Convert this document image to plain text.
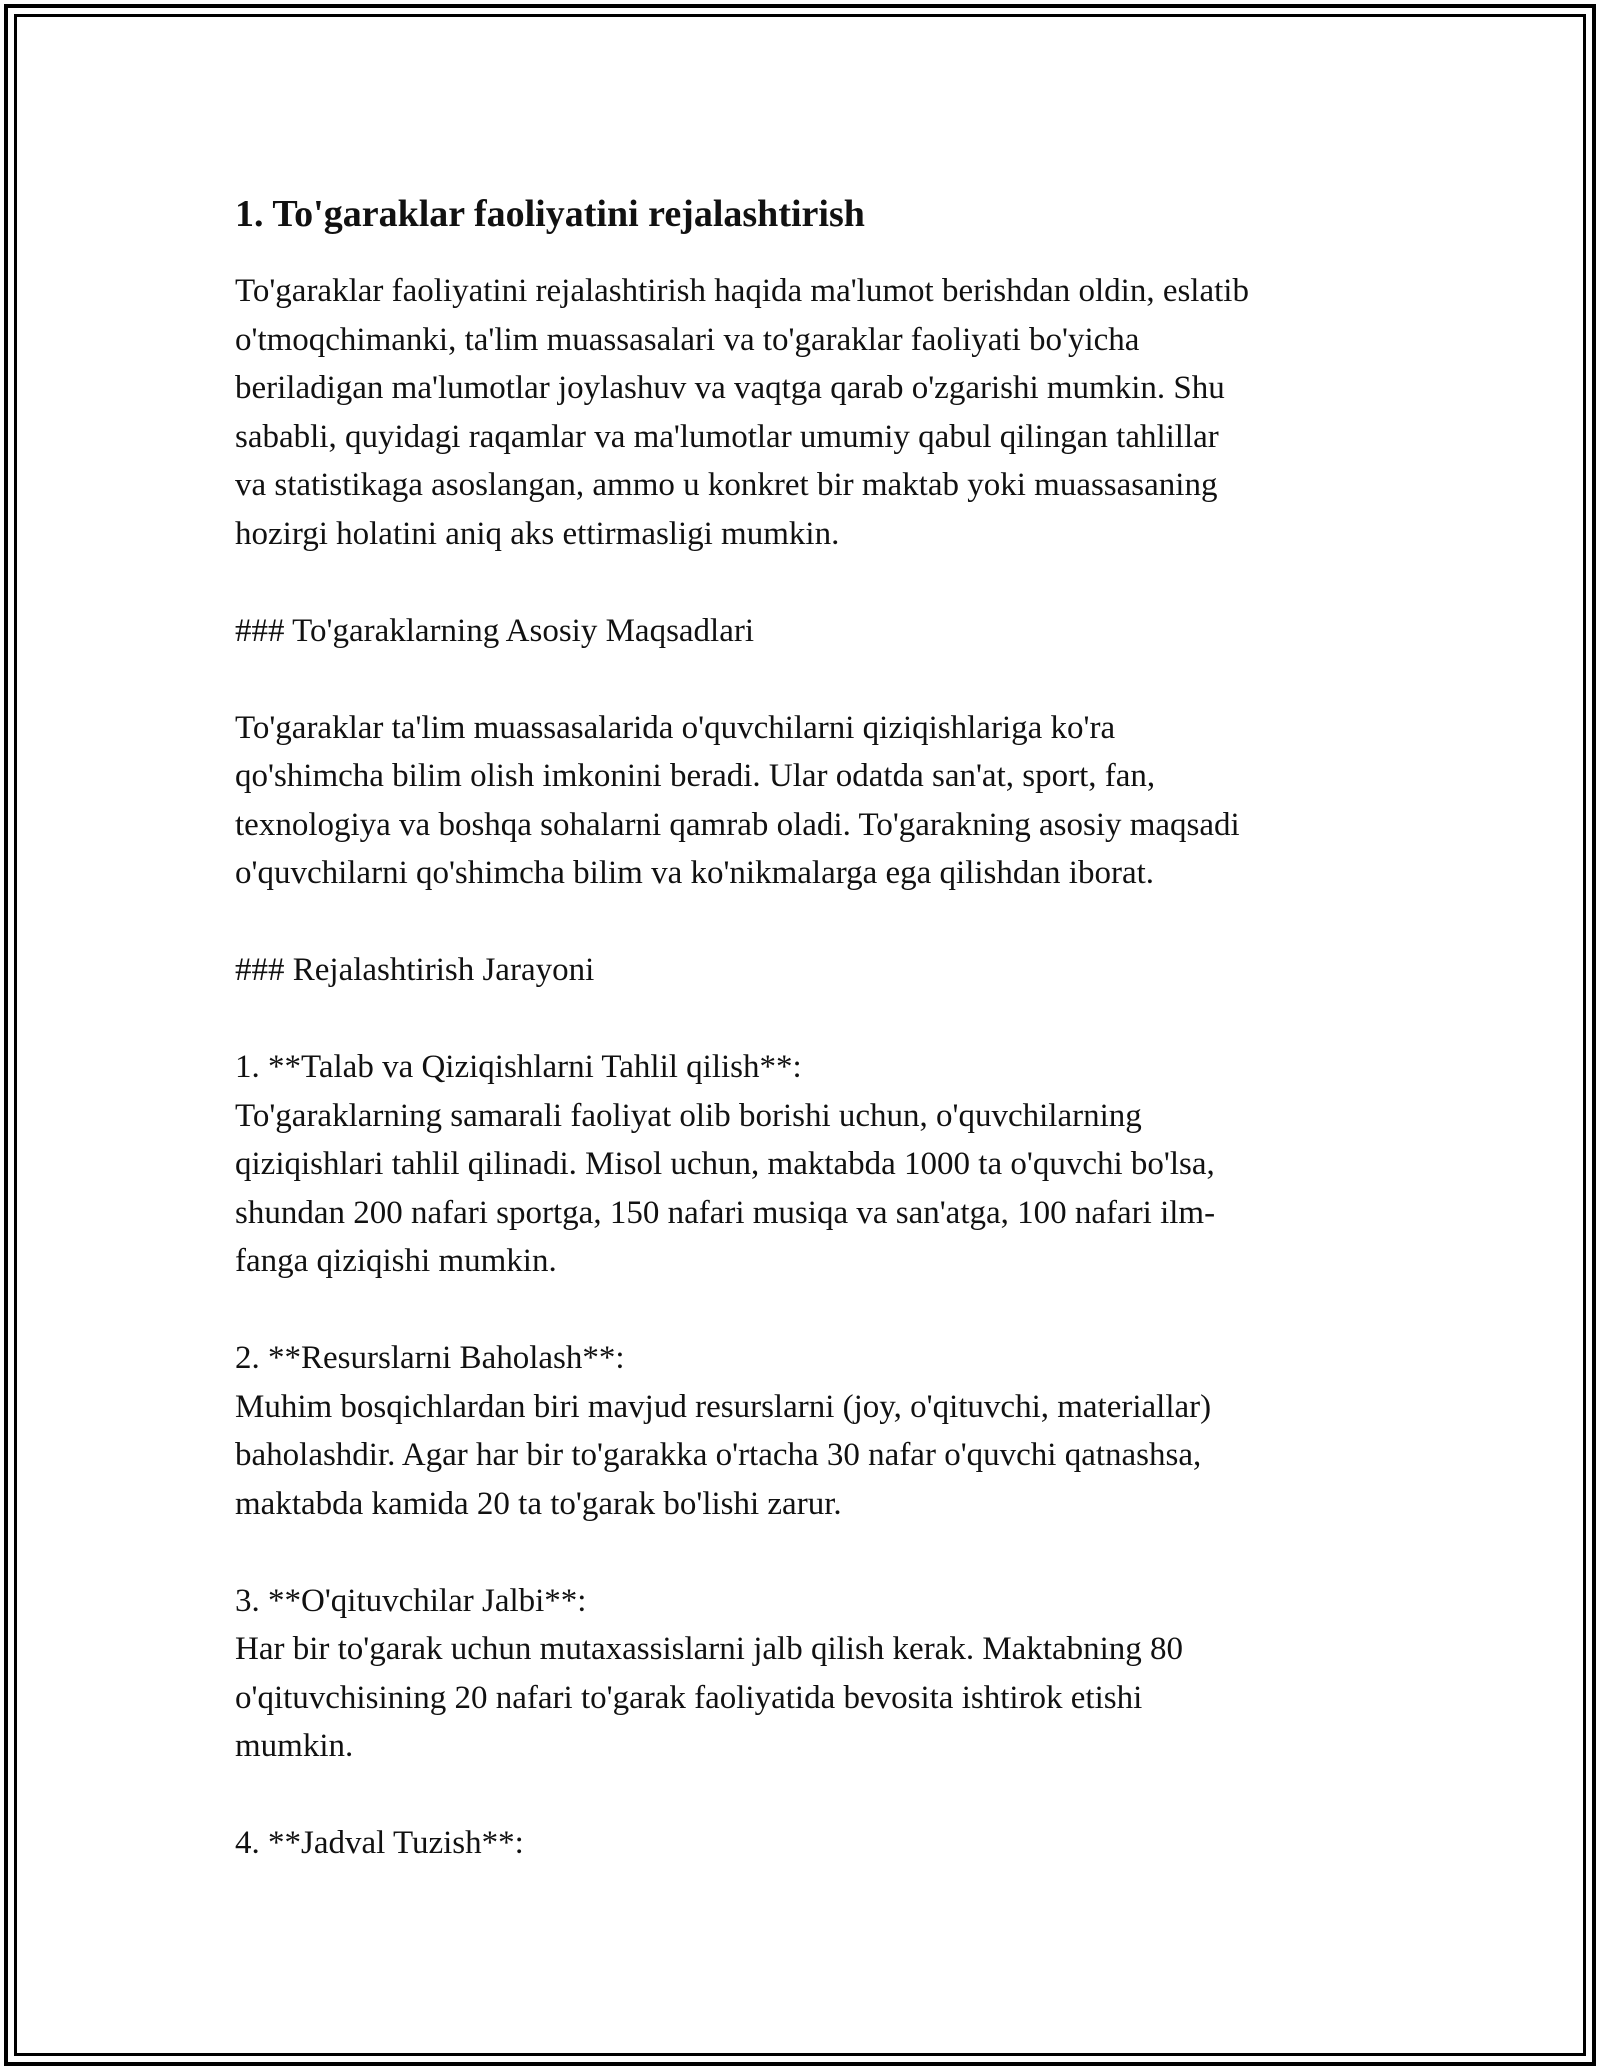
1. To'garaklar faoliyatini rejalashtirish

To'garaklar faoliyatini rejalashtirish haqida ma'lumot berishdan oldin, eslatib
o'tmoqchimanki, ta'lim muassasalari va to'garaklar faoliyati bo'yicha
beriladigan ma'lumotlar joylashuv va vaqtga qarab o'zgarishi mumkin. Shu
sababli, quyidagi raqamlar va ma'lumotlar umumiy qabul qilingan tahlillar
va statistikaga asoslangan, ammo u konkret bir maktab yoki muassasaning
hozirgi holatini aniq aks ettirmasligi mumkin.

### To'garaklarning Asosiy Maqsadlari

To'garaklar ta'lim muassasalarida o'quvchilarni qiziqishlariga ko'ra
qo'shimcha bilim olish imkonini beradi. Ular odatda san'at, sport, fan,
texnologiya va boshqa sohalarni qamrab oladi. To'garakning asosiy maqsadi
o'quvchilarni qo'shimcha bilim va ko'nikmalarga ega qilishdan iborat.

### Rejalashtirish Jarayoni

1. **Talab va Qiziqishlarni Tahlil qilish**:
To'garaklarning samarali faoliyat olib borishi uchun, o'quvchilarning
qiziqishlari tahlil qilinadi. Misol uchun, maktabda 1000 ta o'quvchi bo'lsa,
shundan 200 nafari sportga, 150 nafari musiqa va san'atga, 100 nafari ilm-
fanga qiziqishi mumkin.

2. **Resurslarni Baholash**:
Muhim bosqichlardan biri mavjud resurslarni (joy, o'qituvchi, materiallar)
baholashdir. Agar har bir to'garakka o'rtacha 30 nafar o'quvchi qatnashsa,
maktabda kamida 20 ta to'garak bo'lishi zarur.

3. **O'qituvchilar Jalbi**:
Har bir to'garak uchun mutaxassislarni jalb qilish kerak. Maktabning 80
o'qituvchisining 20 nafari to'garak faoliyatida bevosita ishtirok etishi
mumkin.

4. **Jadval Tuzish**:
